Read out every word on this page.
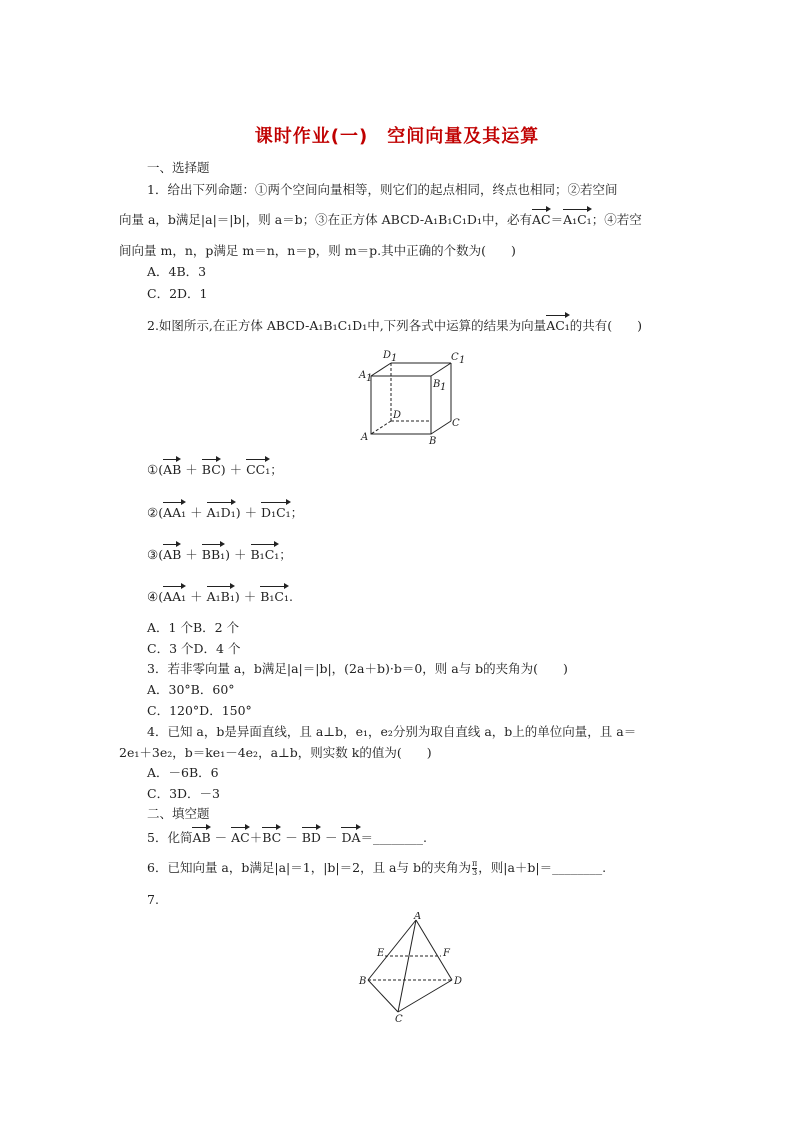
课时作业(一)　空间向量及其运算
一、选择题
1．给出下列命题：①两个空间向量相等，则它们的起点相同，终点也相同；②若空间
向量 a，b满足|a|＝|b|，则 a＝b；③在正方体 ABCD-A₁B₁C₁D₁中，必有AC＝A₁C₁；④若空
间向量 m，n，p满足 m＝n，n＝p，则 m＝p.其中正确的个数为(　　)
A．4B．3
C．2D．1
2.如图所示,在正方体 ABCD-A₁B₁C₁D₁中,下列各式中运算的结果为向量AC₁的共有(　　)
D 1	C 1
A 1
B 1
D
C
A	B
①(AB ＋ BC) ＋ CC₁；
②(AA₁ ＋ A₁D₁) ＋ D₁C₁；
③(AB ＋ BB₁) ＋ B₁C₁；
④(AA₁ ＋ A₁B₁) ＋ B₁C₁.
A．1 个B．2 个
C．3 个D．4 个
3．若非零向量 a，b满足|a|＝|b|，(2a＋b)·b＝0，则 a与 b的夹角为(　　)
A．30°B．60°
C．120°D．150°
4．已知 a，b是异面直线，且 a⊥b，e₁，e₂分别为取自直线 a，b上的单位向量，且 a＝
2e₁＋3e₂，b＝ke₁－4e₂，a⊥b，则实数 k的值为(　　)
A．－6B．6
C．3D．－3
二、填空题
5．化简AB － AC＋BC － BD － DA＝________.
6．已知向量 a，b满足|a|＝1，|b|＝2，且 a与 b的夹角为 $\frac{\pi}{3}$ ，则|a＋b|＝________.
7.
A
E	F
B	D
C
